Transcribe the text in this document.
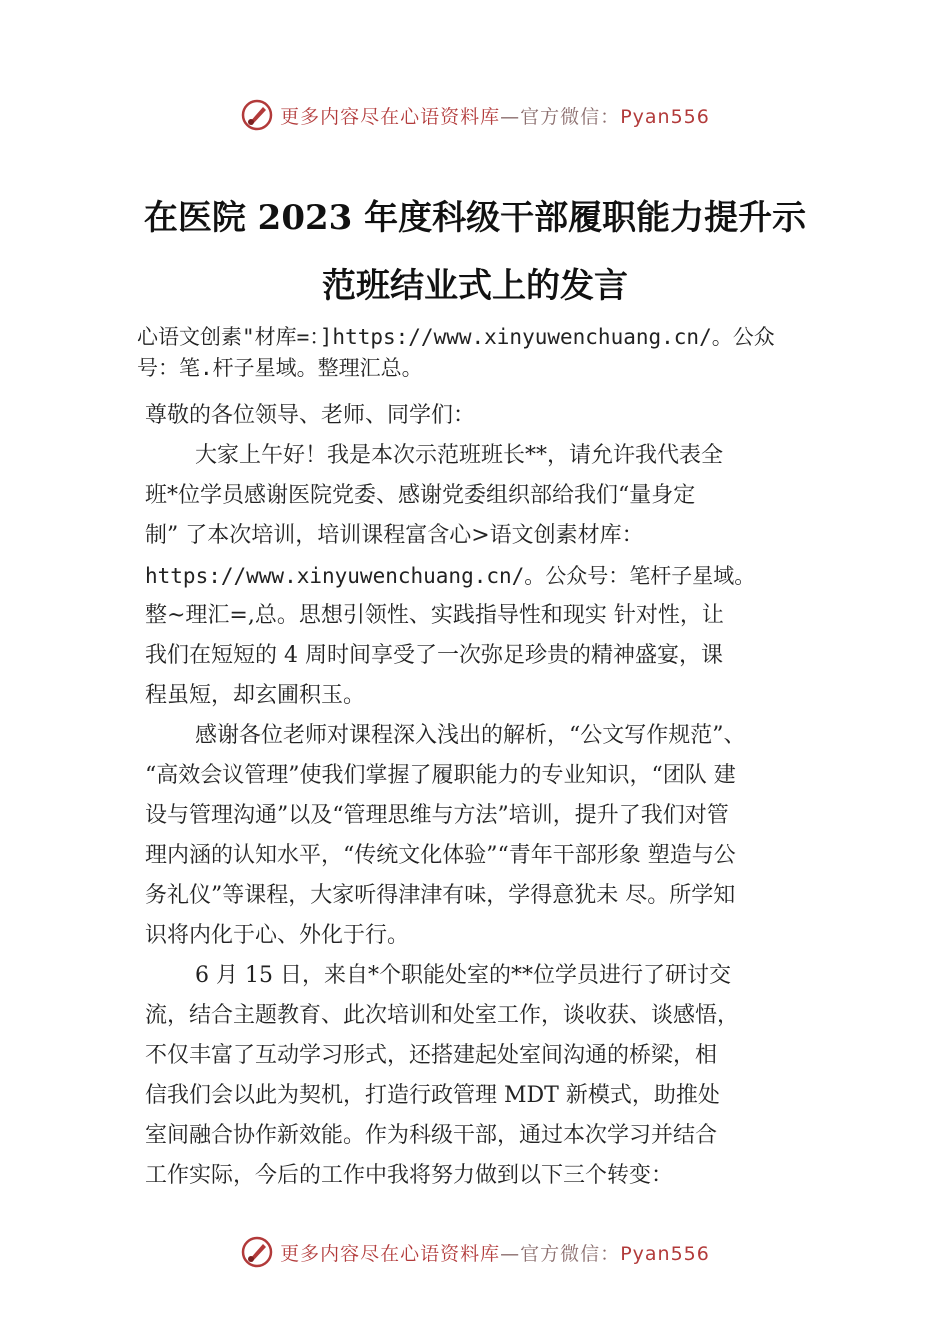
更多内容尽在心语资料库—官方微信：Pyan556
在医院 2023 年度科级干部履职能力提升示
范班结业式上的发言
心语文创素"材库=：]https://www.xinyuwenchuang.cn/。公众
号：笔.杆子星域。整理汇总。
尊敬的各位领导、老师、同学们：
大家上午好！我是本次示范班班长**，请允许我代表全
班*位学员感谢医院党委、感谢党委组织部给我们“量身定
制” 了本次培训，培训课程富含心>语文创素材库：
https://www.xinyuwenchuang.cn/。公众号：笔杆子星域。
整~理汇=,总。思想引领性、实践指导性和现实 针对性，让
我们在短短的 4 周时间享受了一次弥足珍贵的精神盛宴，课
程虽短，却玄圃积玉。
感谢各位老师对课程深入浅出的解析，“公文写作规范”、
“高效会议管理”使我们掌握了履职能力的专业知识，“团队 建
设与管理沟通”以及“管理思维与方法”培训，提升了我们对管
理内涵的认知水平，“传统文化体验”“青年干部形象 塑造与公
务礼仪”等课程，大家听得津津有味，学得意犹未 尽。所学知
识将内化于心、外化于行。
6 月 15 日，来自*个职能处室的**位学员进行了研讨交
流，结合主题教育、此次培训和处室工作，谈收获、谈感悟，
不仅丰富了互动学习形式，还搭建起处室间沟通的桥梁，相
信我们会以此为契机，打造行政管理 MDT 新模式，助推处
室间融合协作新效能。作为科级干部，通过本次学习并结合
工作实际，今后的工作中我将努力做到以下三个转变：
更多内容尽在心语资料库—官方微信：Pyan556
